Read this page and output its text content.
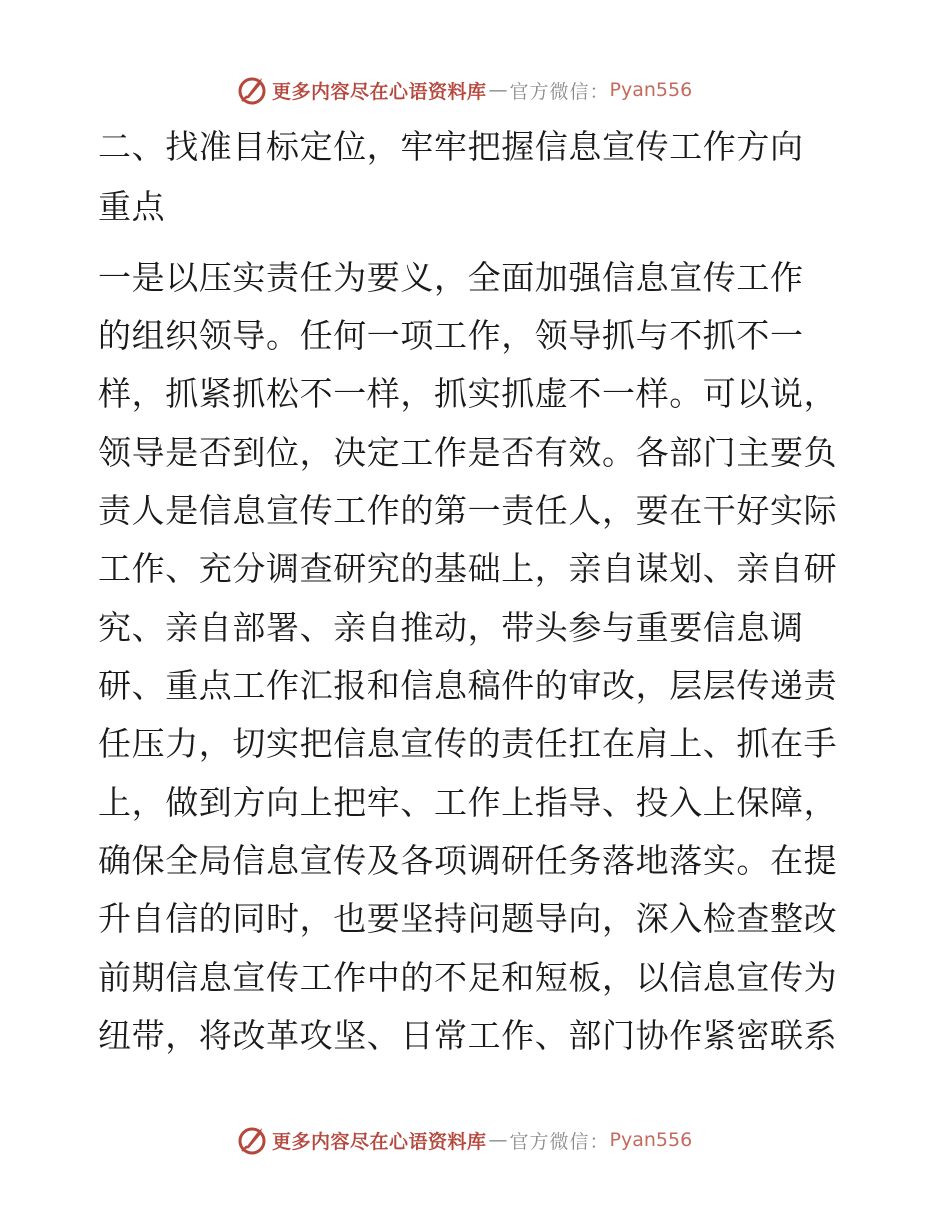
更多内容尽在心语资料库 — 官方微信： Pyan556
二、找准目标定位，牢牢把握信息宣传工作方向
重点
一是以压实责任为要义，全面加强信息宣传工作
的组织领导。任何一项工作，领导抓与不抓不一
样，抓紧抓松不一样，抓实抓虚不一样。可以说，
领导是否到位，决定工作是否有效。各部门主要负
责人是信息宣传工作的第一责任人，要在干好实际
工作、充分调查研究的基础上，亲自谋划、亲自研
究、亲自部署、亲自推动，带头参与重要信息调
研、重点工作汇报和信息稿件的审改，层层传递责
任压力，切实把信息宣传的责任扛在肩上、抓在手
上，做到方向上把牢、工作上指导、投入上保障，
确保全局信息宣传及各项调研任务落地落实。在提
升自信的同时，也要坚持问题导向，深入检查整改
前期信息宣传工作中的不足和短板，以信息宣传为
纽带，将改革攻坚、日常工作、部门协作紧密联系
更多内容尽在心语资料库 — 官方微信： Pyan556
